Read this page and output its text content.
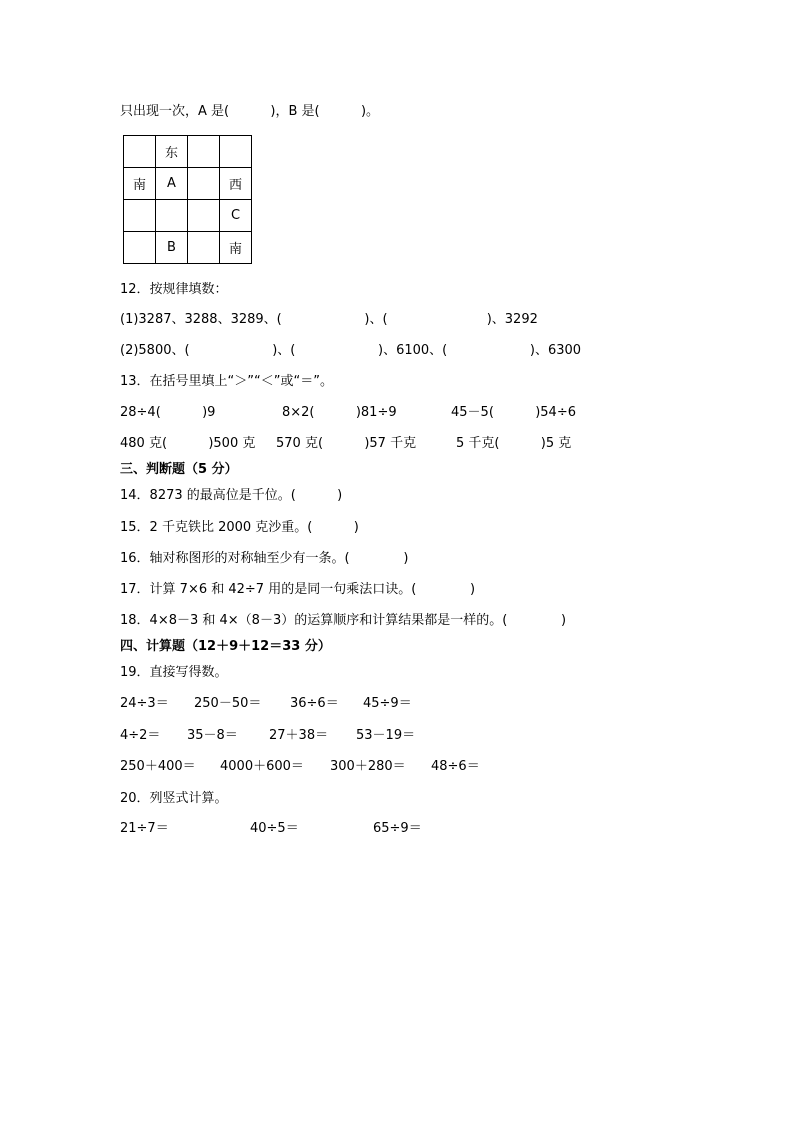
只出现一次，A 是(          )，B 是(          )。
	东		
南	A		西
			C
	B		南
12．按规律填数：
(1)3287、3288、3289、(                    )、(                        )、3292
(2)5800、(                    )、(                    )、6100、(                    )、6300
13．在括号里填上“＞”“＜”或“＝”。
28÷4(          )9	8×2(          )81÷9	45－5(          )54÷6
480 克(          )500 克 570 克(          )57 千克	5 千克(          )5 克
三、判断题（5 分）
14．8273 的最高位是千位。(          )
15．2 千克铁比 2000 克沙重。(          )
16．轴对称图形的对称轴至少有一条。(             )
17．计算 7×6 和 42÷7 用的是同一句乘法口诀。(             )
18．4×8－3 和 4×（8－3）的运算顺序和计算结果都是一样的。(             )
四、计算题（12＋9＋12＝33 分）
19．直接写得数。
24÷3＝ 250－50＝ 36÷6＝ 45÷9＝
4÷2＝ 35－8＝ 27＋38＝ 53－19＝
250＋400＝ 4000＋600＝ 300＋280＝ 48÷6＝
20．列竖式计算。
21÷7＝	40÷5＝	65÷9＝
